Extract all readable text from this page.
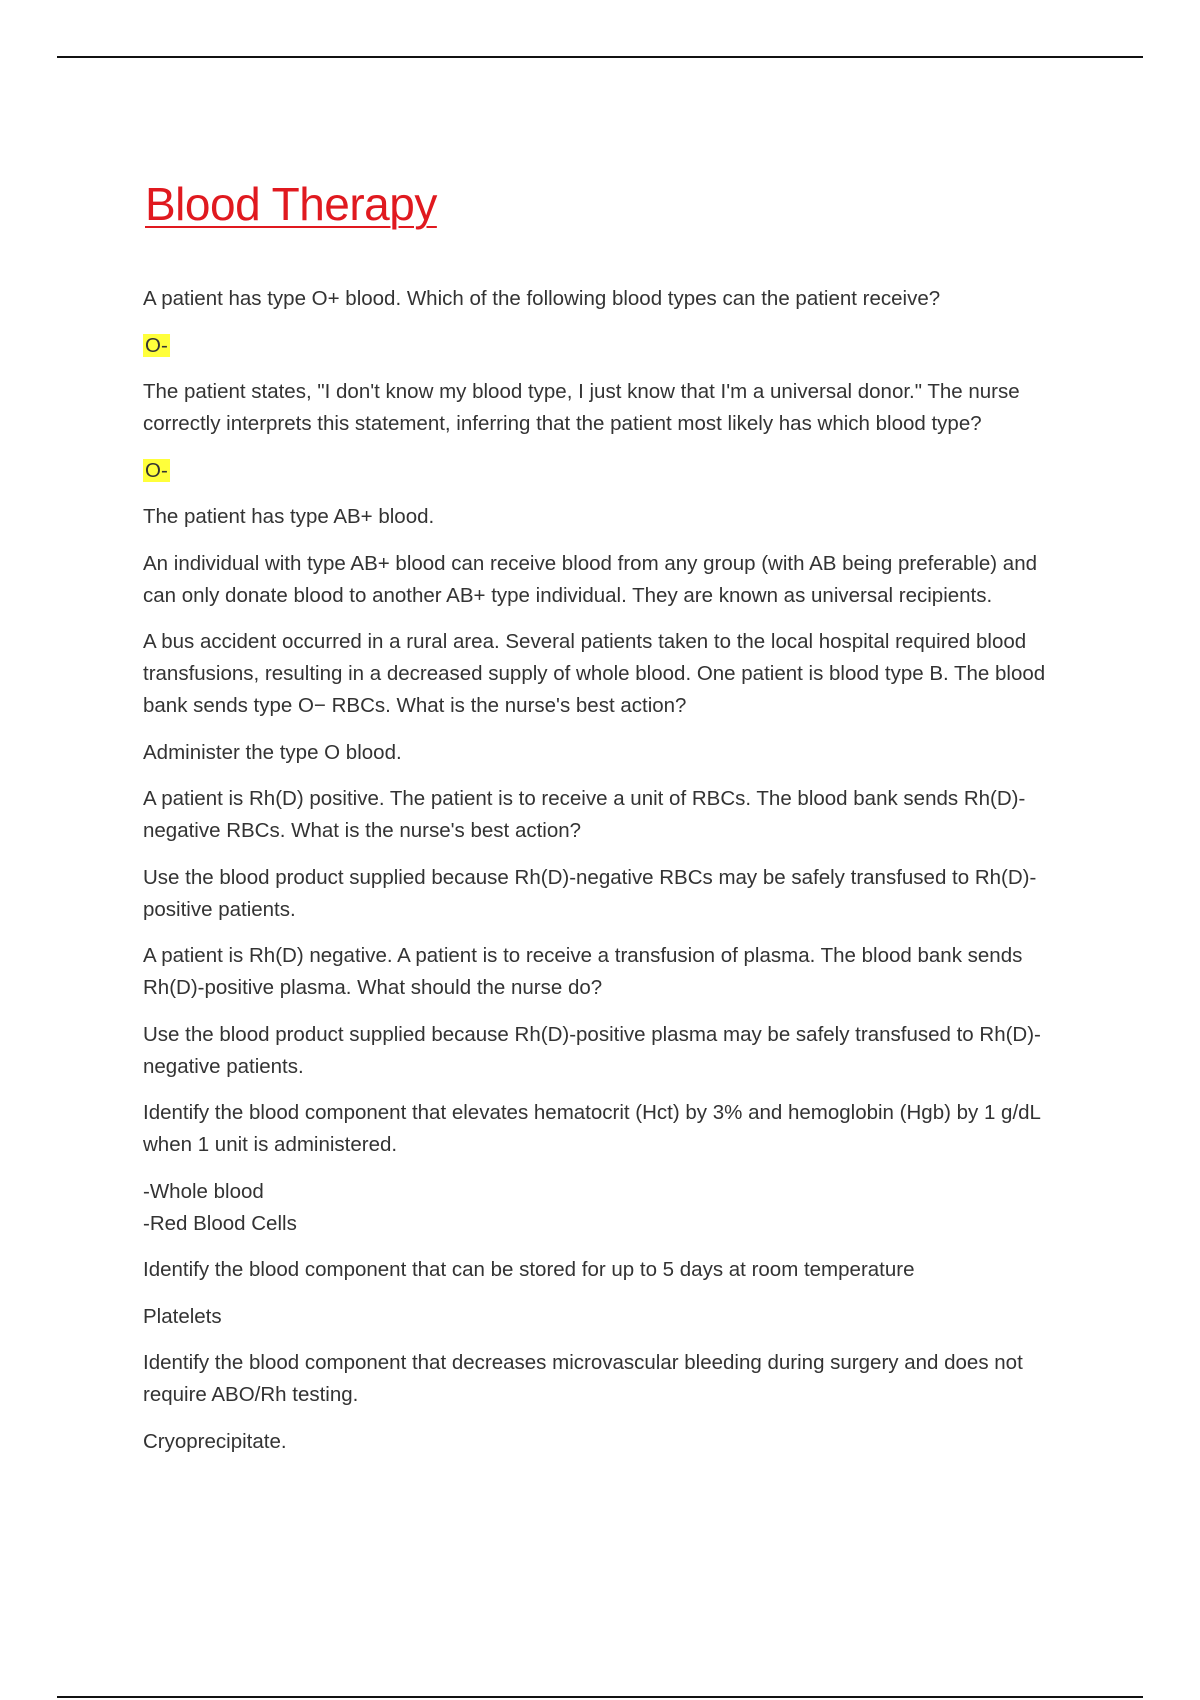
Blood Therapy

A patient has type O+ blood. Which of the following blood types can the patient receive?

O-

The patient states, "I don't know my blood type, I just know that I'm a universal donor." The nurse correctly interprets this statement, inferring that the patient most likely has which blood type?

O-

The patient has type AB+ blood.

An individual with type AB+ blood can receive blood from any group (with AB being preferable) and can only donate blood to another AB+ type individual. They are known as universal recipients.

A bus accident occurred in a rural area. Several patients taken to the local hospital required blood transfusions, resulting in a decreased supply of whole blood. One patient is blood type B. The blood bank sends type O− RBCs. What is the nurse's best action?

Administer the type O blood.

A patient is Rh(D) positive. The patient is to receive a unit of RBCs. The blood bank sends Rh(D)-negative RBCs. What is the nurse's best action?

Use the blood product supplied because Rh(D)-negative RBCs may be safely transfused to Rh(D)-positive patients.

A patient is Rh(D) negative. A patient is to receive a transfusion of plasma. The blood bank sends Rh(D)-positive plasma. What should the nurse do?

Use the blood product supplied because Rh(D)-positive plasma may be safely transfused to Rh(D)-negative patients.

Identify the blood component that elevates hematocrit (Hct) by 3% and hemoglobin (Hgb) by 1 g/dL when 1 unit is administered.

-Whole blood
-Red Blood Cells

Identify the blood component that can be stored for up to 5 days at room temperature

Platelets

Identify the blood component that decreases microvascular bleeding during surgery and does not require ABO/Rh testing.

Cryoprecipitate.
